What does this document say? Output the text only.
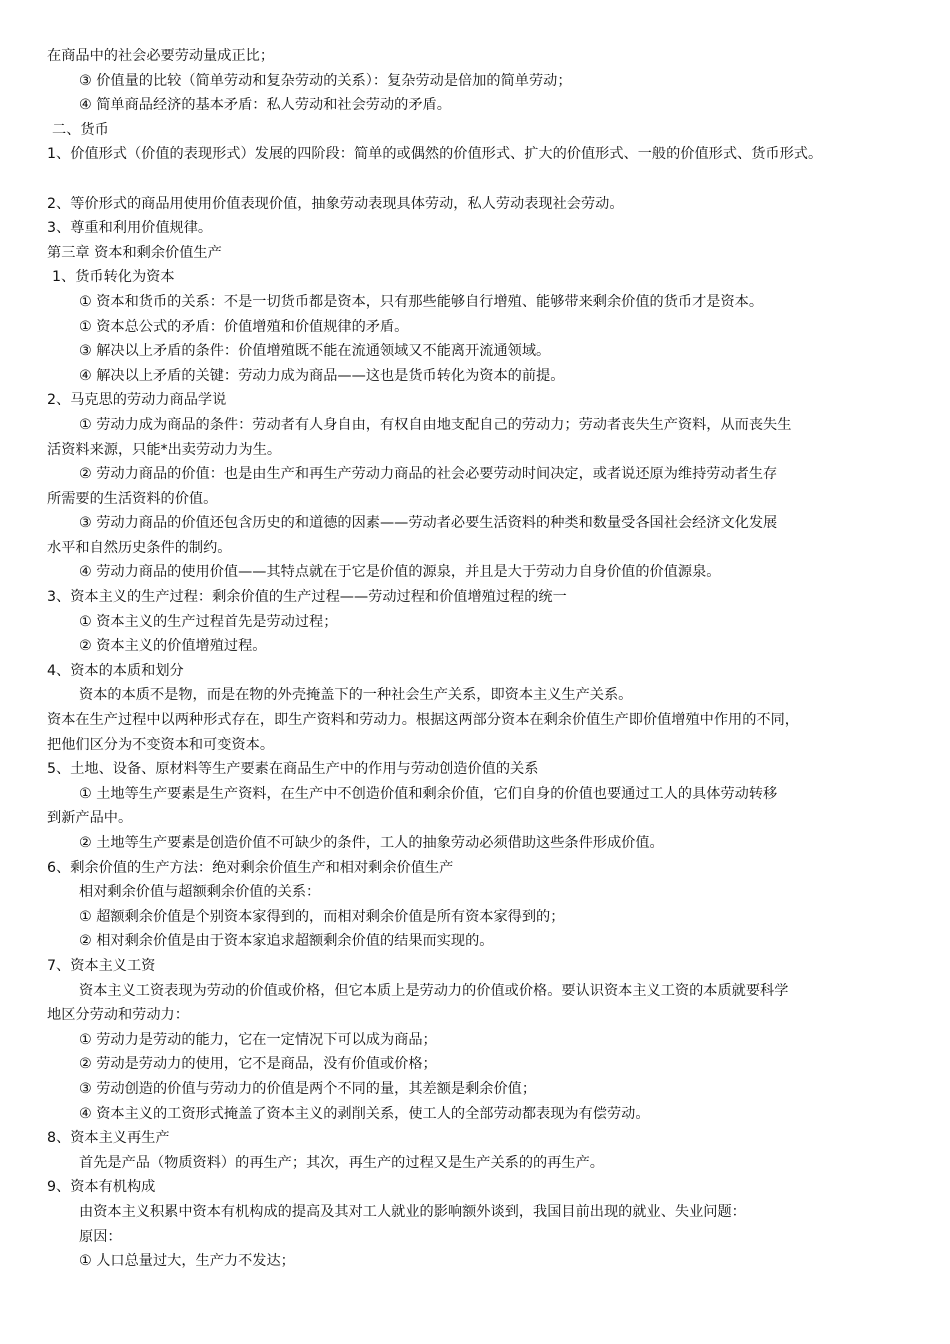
在商品中的社会必要劳动量成正比；
③ 价值量的比较（简单劳动和复杂劳动的关系）：复杂劳动是倍加的简单劳动；
④ 简单商品经济的基本矛盾：私人劳动和社会劳动的矛盾。
二、货币
1、价值形式（价值的表现形式）发展的四阶段：简单的或偶然的价值形式、扩大的价值形式、一般的价值形式、货币形式。
2、等价形式的商品用使用价值表现价值，抽象劳动表现具体劳动，私人劳动表现社会劳动。
3、尊重和利用价值规律。
第三章 资本和剩余价值生产
1、货币转化为资本
① 资本和货币的关系：不是一切货币都是资本，只有那些能够自行增殖、能够带来剩余价值的货币才是资本。
① 资本总公式的矛盾：价值增殖和价值规律的矛盾。
③ 解决以上矛盾的条件：价值增殖既不能在流通领域又不能离开流通领域。
④ 解决以上矛盾的关键：劳动力成为商品——这也是货币转化为资本的前提。
2、马克思的劳动力商品学说
① 劳动力成为商品的条件：劳动者有人身自由，有权自由地支配自己的劳动力；劳动者丧失生产资料，从而丧失生
活资料来源，只能*出卖劳动力为生。
② 劳动力商品的价值：也是由生产和再生产劳动力商品的社会必要劳动时间决定，或者说还原为维持劳动者生存
所需要的生活资料的价值。
③ 劳动力商品的价值还包含历史的和道德的因素——劳动者必要生活资料的种类和数量受各国社会经济文化发展
水平和自然历史条件的制约。
④ 劳动力商品的使用价值——其特点就在于它是价值的源泉，并且是大于劳动力自身价值的价值源泉。
3、资本主义的生产过程：剩余价值的生产过程——劳动过程和价值增殖过程的统一
① 资本主义的生产过程首先是劳动过程；
② 资本主义的价值增殖过程。
4、资本的本质和划分
资本的本质不是物，而是在物的外壳掩盖下的一种社会生产关系，即资本主义生产关系。
资本在生产过程中以两种形式存在，即生产资料和劳动力。根据这两部分资本在剩余价值生产即价值增殖中作用的不同，
把他们区分为不变资本和可变资本。
5、土地、设备、原材料等生产要素在商品生产中的作用与劳动创造价值的关系
① 土地等生产要素是生产资料，在生产中不创造价值和剩余价值，它们自身的价值也要通过工人的具体劳动转移
到新产品中。
② 土地等生产要素是创造价值不可缺少的条件，工人的抽象劳动必须借助这些条件形成价值。
6、剩余价值的生产方法：绝对剩余价值生产和相对剩余价值生产
相对剩余价值与超额剩余价值的关系：
① 超额剩余价值是个别资本家得到的，而相对剩余价值是所有资本家得到的；
② 相对剩余价值是由于资本家追求超额剩余价值的结果而实现的。
7、资本主义工资
资本主义工资表现为劳动的价值或价格，但它本质上是劳动力的价值或价格。要认识资本主义工资的本质就要科学
地区分劳动和劳动力：
① 劳动力是劳动的能力，它在一定情况下可以成为商品；
② 劳动是劳动力的使用，它不是商品，没有价值或价格；
③ 劳动创造的价值与劳动力的价值是两个不同的量，其差额是剩余价值；
④ 资本主义的工资形式掩盖了资本主义的剥削关系，使工人的全部劳动都表现为有偿劳动。
8、资本主义再生产
首先是产品（物质资料）的再生产；其次，再生产的过程又是生产关系的的再生产。
9、资本有机构成
由资本主义积累中资本有机构成的提高及其对工人就业的影响额外谈到，我国目前出现的就业、失业问题：
原因：
① 人口总量过大，生产力不发达；
